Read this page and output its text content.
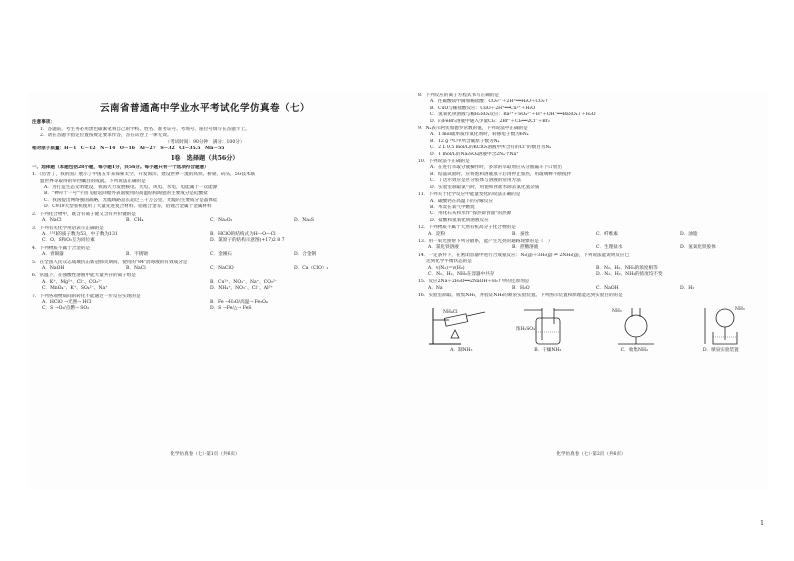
云南省普通高中学业水平考试化学仿真卷（七）
注意事项：
1．答题前，考生务必用黑色碳素笔将自己的学校、姓名、准考证号、考场号、座位号填写在答题卡上。
2．请在答题卡指定位置按规定要求作答，答在试卷上一律无效。
（考试时间：90分钟　满分：100分）
相对原子质量：H－1　C－12　N－14　O－16　Al－27　S－32　Cl－35.5　Mn－55
Ⅰ卷　选择题（共56分）
一、选择题（本题包括28小题，每小题1分，共56分。每小题只有一个选项符合题意）
1．《厉害了，我的国》展示了中国五年来探索太空、开发海洋、建设世界一流的高铁、桥梁、码头，5G技术联
盟世界等取得的举世瞩目的成就。下列说法正确的是
A．为打造生态文明建设，我国大力发展核电、光电、风电、水电，电能属于一次能源
B．"神舟十一号"宇宙飞船返回舱外表面使用的高温结构陶瓷的主要成分是硅酸盐
C．我国提出网络强国战略，光缆线路总长超过三千万公里，光缆的主要成分是晶体硅
D．C919大型客机使用了大量先进复合材料、铝锂合金等，铝锂合金属于金属材料
2．下列化合物中，既含有离子键又含有共价键的是
A．NaCl	B．CH₄	C．Na₂O₂	D．Na₂S
3．下列有关化学用语表示正确的是
A．¹³¹I的质子数为53，中子数为131	B．HClO的结构式为H—O—Cl
C．O、S和O₃互为同位素	D．氯原子的结构示意图(+17)2 8 7
4．下列物质不属于合金的是
A．青铜器	B．不锈钢	C．金刚石	D．合金钢
5．在全国人民众志成城抗击新冠肺炎期间，使用的"84"消毒液的有效成分是
A．NaOH	B．NaCl	C．NaClO	D．Ca（ClO）₂
6．常温下，在强酸性溶液中能大量共存的离子组是
A．K⁺、Mg²⁺、Cl⁻、CO₃²⁻	B．Cu²⁺、NO₃⁻、Na⁺、CO₃²⁻
C．MnO₄⁻、K⁺、SO₄²⁻、Na⁺	D．NH₄⁺、NO₃⁻、Cl⁻、Al³⁺
7．下列各项物质间的转化不能通过一步反应实现的是
A．HClO →光照→ HCl	B．Fe →H₂O/高温→ Fe₃O₄
C．S →O₂/点燃→ SO₃	D．S →Fe/△→ FeS
化学仿真卷（七）·第1页（共6页）
8．下列反应的离子方程式书写正确的是
A．往碳酸镁中滴加稀盐酸：CO₃²⁻＋2H⁺══H₂O＋CO₂↑
B．CuO与稀盐酸反应：CuO＋2H⁺══Cu²⁺＋H₂O
C．氢氧化钡溶液与稀H₂SO₄反应：Ba²⁺＋SO₄²⁻＋H⁺＋OH⁻══BaSO₄↓＋H₂O
D．向FeBr₂溶液中通入少量Cl₂：2Br⁻＋Cl₂══2Cl⁻＋Br₂
9．Nₐ表示阿伏加德罗常数的值，下列说法中正确的是
A．1 mol硫单质作氧化剂时，转移电子数为6Nₐ
B．12 g ¹⁴C中所含碳原子数为Nₐ
C．2 L 0.5 mol/L的KClO₃溶液中所含有的Cl⁻的数目为Nₐ
D．1 mol/L的Na₂SO₄溶液中含2Nₐ个Na⁺
10．下列说法不正确的是
A．在进行萃取分液操作时，多余的萃取剂应从分液漏斗下口放出
B．结晶试验时，应将饱和溶液蒸干后再停止加热，用玻璃棒不断搅拌
C．丁达尔效应是区分胶体与溶液的常用方法
D．实验室制取氯气时，用饱和食盐水除去氯化氢杂质
11．下列关于化学反应中能量变化的说法正确的是
A．碳酸钙在高温下的分解反应
B．木炭在氧气中燃烧
C．用化石灰和水作"撑热即食面"的热源
D．盐酸和氢氧化钠溶液反应
12．下列物质不属于天然有机高分子化合物的是
A．淀粉	B．蚕丝	C．纤维素	D．油脂
13．用一束光照射下列分散系，能产生光亮的通路现象的是（　）
A．氯化铁溶液	B．蔗糖溶液	C．生理盐水	D．氢氧化铁胶体
14．一定条件下，在密闭容器中进行合成氨反应：N₂(g)＋3H₂(g) ⇌ 2NH₃(g)，下列说法能说明反应已
达到化学平衡状态的是
A．v(N₂)＝v(H₂)	B．N₂、H₂、NH₃的浓度相等
C．N₂、H₂、NH₃在容器中共存	D．N₂、H₂、NH₃的浓度均不变
15．反应2Na＋2H₂O══2NaOH＋H₂↑中的还原剂是
A．Na	B．H₂O	C．NaOH	D．H₂
16．实验室制取、收集NH₃，并验证NH₃的喷泉实验装置。下列图示装置和原理能达到实验目的的是
NH₄Cl
A．制NH₃
浓H₂SO₄
B．干燥NH₃
NH₃
C．收集NH₃
NH₃
D．喷泉实验装置
化学仿真卷（七）·第2页（共6页）
1
